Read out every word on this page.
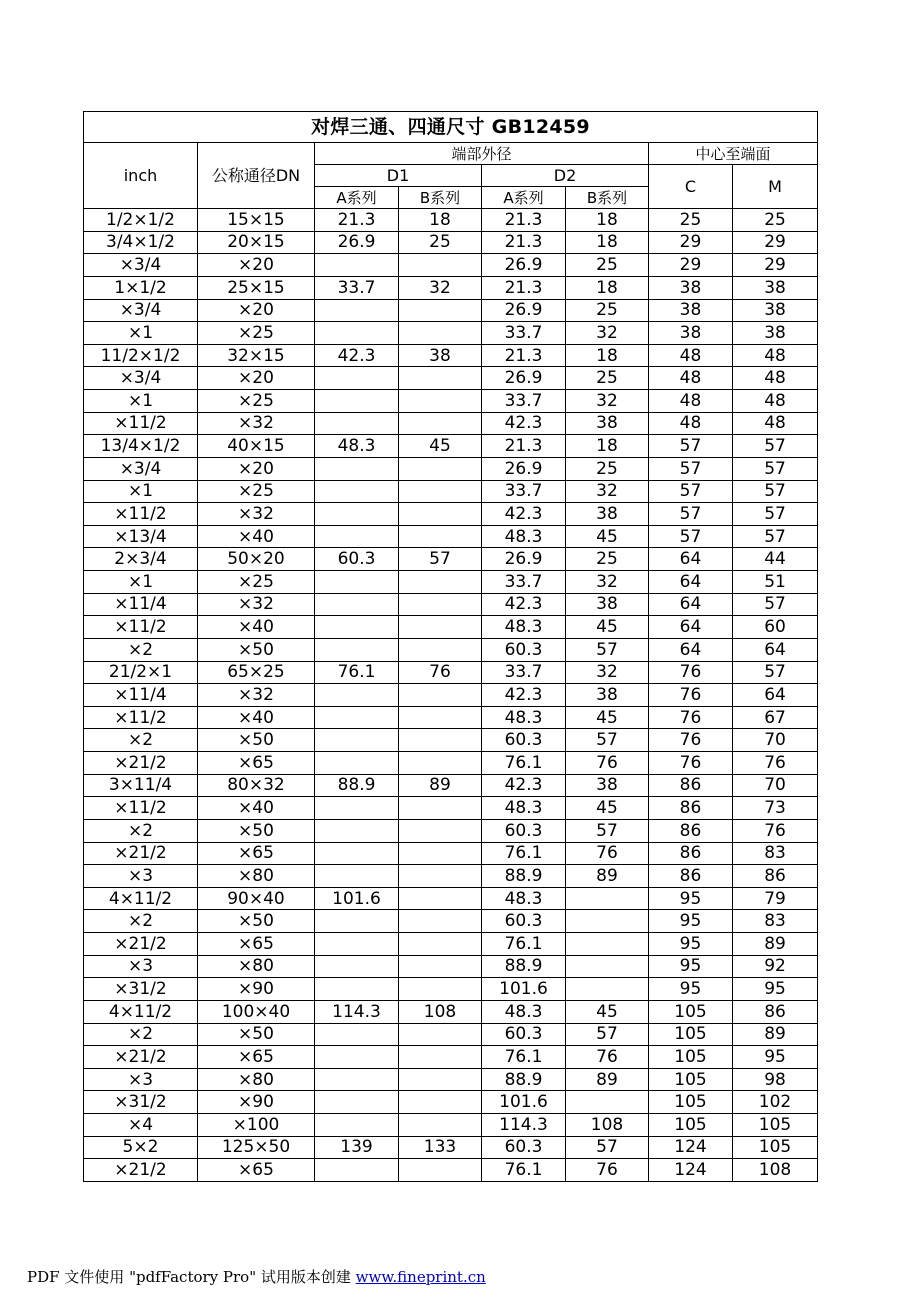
对焊三通、四通尺寸 GB12459							
inch	公称通径DN	端部外径				中心至端面	
		D1		D2		C	M
		A系列	B系列	A系列	B系列		
1/2×1/2	15×15	21.3	18	21.3	18	25	25
3/4×1/2	20×15	26.9	25	21.3	18	29	29
×3/4	×20			26.9	25	29	29
1×1/2	25×15	33.7	32	21.3	18	38	38
×3/4	×20			26.9	25	38	38
×1	×25			33.7	32	38	38
11/2×1/2	32×15	42.3	38	21.3	18	48	48
×3/4	×20			26.9	25	48	48
×1	×25			33.7	32	48	48
×11/2	×32			42.3	38	48	48
13/4×1/2	40×15	48.3	45	21.3	18	57	57
×3/4	×20			26.9	25	57	57
×1	×25			33.7	32	57	57
×11/2	×32			42.3	38	57	57
×13/4	×40			48.3	45	57	57
2×3/4	50×20	60.3	57	26.9	25	64	44
×1	×25			33.7	32	64	51
×11/4	×32			42.3	38	64	57
×11/2	×40			48.3	45	64	60
×2	×50			60.3	57	64	64
21/2×1	65×25	76.1	76	33.7	32	76	57
×11/4	×32			42.3	38	76	64
×11/2	×40			48.3	45	76	67
×2	×50			60.3	57	76	70
×21/2	×65			76.1	76	76	76
3×11/4	80×32	88.9	89	42.3	38	86	70
×11/2	×40			48.3	45	86	73
×2	×50			60.3	57	86	76
×21/2	×65			76.1	76	86	83
×3	×80			88.9	89	86	86
4×11/2	90×40	101.6		48.3		95	79
×2	×50			60.3		95	83
×21/2	×65			76.1		95	89
×3	×80			88.9		95	92
×31/2	×90			101.6		95	95
4×11/2	100×40	114.3	108	48.3	45	105	86
×2	×50			60.3	57	105	89
×21/2	×65			76.1	76	105	95
×3	×80			88.9	89	105	98
×31/2	×90			101.6		105	102
×4	×100			114.3	108	105	105
5×2	125×50	139	133	60.3	57	124	105
×21/2	×65			76.1	76	124	108
PDF 文件使用 "pdfFactory Pro" 试用版本创建 www.fineprint.cn
